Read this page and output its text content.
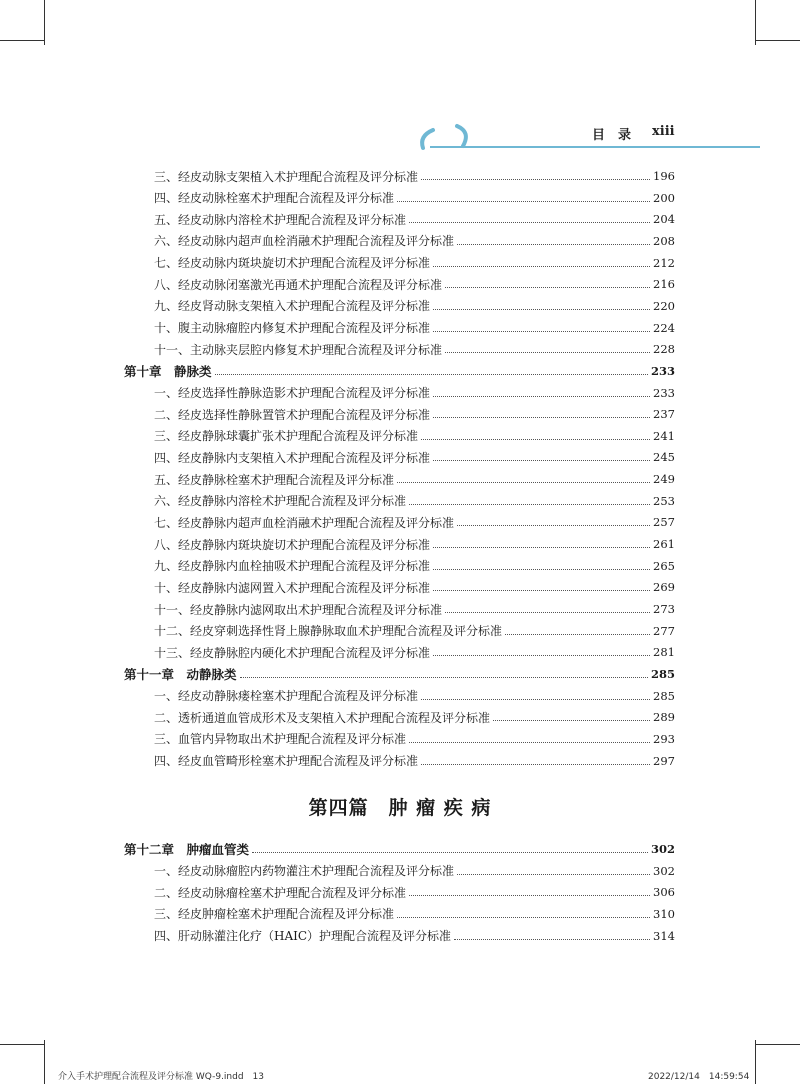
目　录 xiii
三、经皮动脉支架植入术护理配合流程及评分标准	196
四、经皮动脉栓塞术护理配合流程及评分标准	200
五、经皮动脉内溶栓术护理配合流程及评分标准	204
六、经皮动脉内超声血栓消融术护理配合流程及评分标准	208
七、经皮动脉内斑块旋切术护理配合流程及评分标准	212
八、经皮动脉闭塞激光再通术护理配合流程及评分标准	216
九、经皮肾动脉支架植入术护理配合流程及评分标准	220
十、腹主动脉瘤腔内修复术护理配合流程及评分标准	224
十一、主动脉夹层腔内修复术护理配合流程及评分标准	228
第十章　静脉类	233
一、经皮选择性静脉造影术护理配合流程及评分标准	233
二、经皮选择性静脉置管术护理配合流程及评分标准	237
三、经皮静脉球囊扩张术护理配合流程及评分标准	241
四、经皮静脉内支架植入术护理配合流程及评分标准	245
五、经皮静脉栓塞术护理配合流程及评分标准	249
六、经皮静脉内溶栓术护理配合流程及评分标准	253
七、经皮静脉内超声血栓消融术护理配合流程及评分标准	257
八、经皮静脉内斑块旋切术护理配合流程及评分标准	261
九、经皮静脉内血栓抽吸术护理配合流程及评分标准	265
十、经皮静脉内滤网置入术护理配合流程及评分标准	269
十一、经皮静脉内滤网取出术护理配合流程及评分标准	273
十二、经皮穿刺选择性肾上腺静脉取血术护理配合流程及评分标准	277
十三、经皮静脉腔内硬化术护理配合流程及评分标准	281
第十一章　动静脉类	285
一、经皮动静脉瘘栓塞术护理配合流程及评分标准	285
二、透析通道血管成形术及支架植入术护理配合流程及评分标准	289
三、血管内异物取出术护理配合流程及评分标准	293
四、经皮血管畸形栓塞术护理配合流程及评分标准	297
第十二章　肿瘤血管类	302
一、经皮动脉瘤腔内药物灌注术护理配合流程及评分标准	302
二、经皮动脉瘤栓塞术护理配合流程及评分标准	306
三、经皮肿瘤栓塞术护理配合流程及评分标准	310
四、肝动脉灌注化疗（HAIC）护理配合流程及评分标准	314
第四篇　肿 瘤 疾 病
介入手术护理配合流程及评分标准 WQ-9.indd　13	2022/12/14　14:59:54
